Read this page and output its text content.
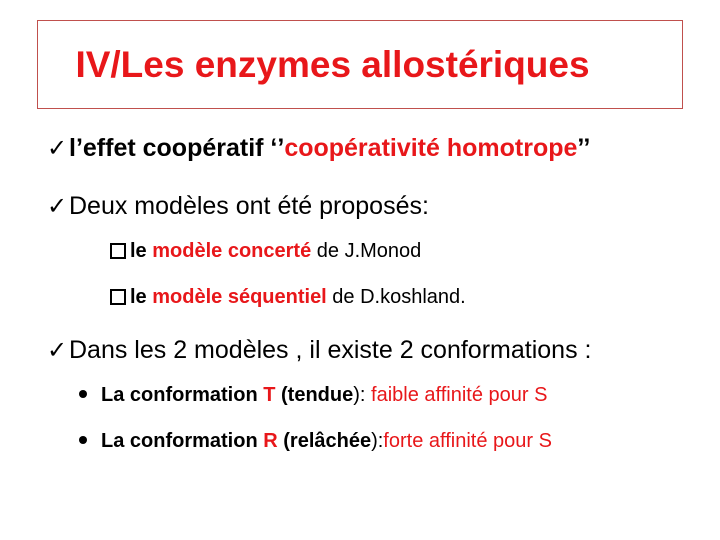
IV/Les enzymes allostériques
✓ l’effet coopératif ‘’ coopérativité homotrope ’’
✓ Deux modèles ont été proposés:
le modèle concerté de J.Monod
le modèle séquentiel de D.koshland.
✓ Dans les 2 modèles , il existe 2 conformations :
La conformation T ( tendue ): faible affinité pour S
La conformation R ( relâchée ): forte affinité pour S
